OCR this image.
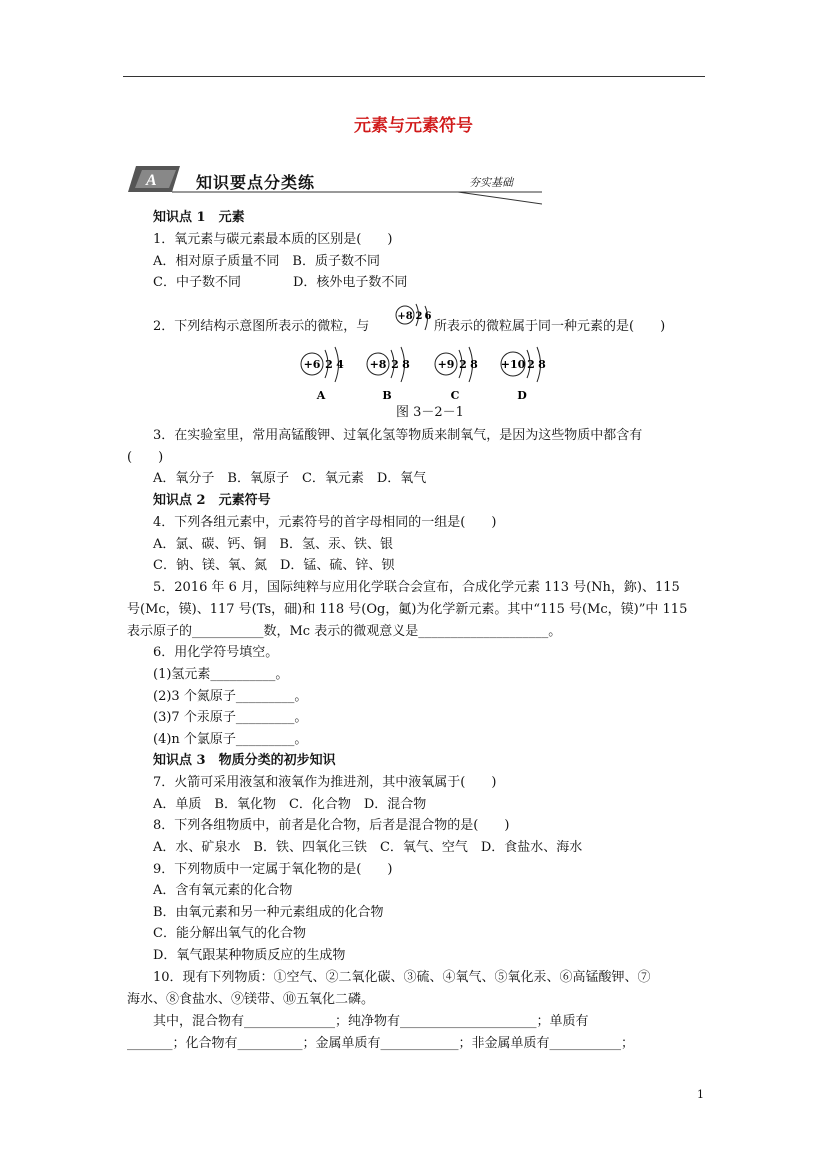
元素与元素符号
A 知识要点分类练	夯实基础
知识点 1　元素
1．氧元素与碳元素最本质的区别是(　　)
A．相对原子质量不同　B．质子数不同
C．中子数不同　　　　D．核外电子数不同
2．下列结构示意图所表示的微粒，与
+8 2 6
所表示的微粒属于同一种元素的是(　　)
+6 2 4
A
+8 2 8
B
+9 2 8
C
+10 2 8
D
图 3－2－1
3．在实验室里，常用高锰酸钾、过氧化氢等物质来制氧气，是因为这些物质中都含有
(　　)
A．氧分子　B．氧原子　C．氧元素　D．氧气
知识点 2　元素符号
4．下列各组元素中，元素符号的首字母相同的一组是(　　)
A．氯、碳、钙、铜　B．氢、汞、铁、银
C．钠、镁、氧、氮　D．锰、硫、锌、钡
5．2016 年 6 月，国际纯粹与应用化学联合会宣布，合成化学元素 113 号(Nh，鉨)、115
号(Mc，镆)、117 号(Ts，鿬)和 118 号(Og，鿫)为化学新元素。其中“115 号(Mc，镆)”中 115
表示原子的___________数，Mc 表示的微观意义是____________________。
6．用化学符号填空。
(1)氢元素__________。
(2)3 个氮原子_________。
(3)7 个汞原子_________。
(4)n 个氯原子_________。
知识点 3　物质分类的初步知识
7．火箭可采用液氢和液氧作为推进剂，其中液氧属于(　　)
A．单质　B．氧化物　C．化合物　D．混合物
8．下列各组物质中，前者是化合物，后者是混合物的是(　　)
A．水、矿泉水　B．铁、四氧化三铁　C．氧气、空气　D．食盐水、海水
9．下列物质中一定属于氧化物的是(　　)
A．含有氧元素的化合物
B．由氧元素和另一种元素组成的化合物
C．能分解出氧气的化合物
D．氧气跟某种物质反应的生成物
10．现有下列物质：①空气、②二氧化碳、③硫、④氧气、⑤氧化汞、⑥高锰酸钾、⑦
海水、⑧食盐水、⑨镁带、⑩五氧化二磷。
其中，混合物有______________；纯净物有_____________________；单质有
_______；化合物有__________；金属单质有____________；非金属单质有___________；
1
